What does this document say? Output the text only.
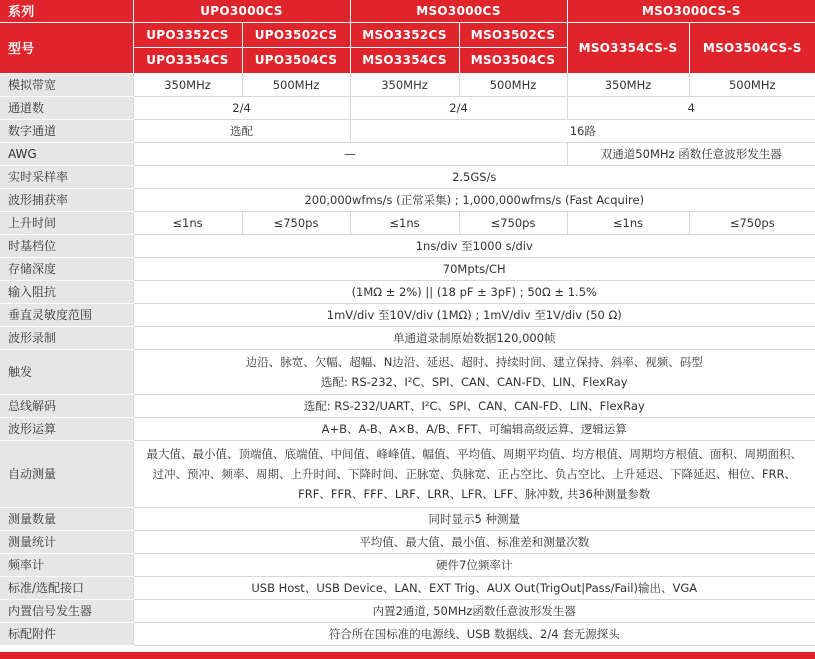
系列	UPO3000CS		MSO3000CS		MSO3000CS-S	
型号	UPO3352CS	UPO3502CS	MSO3352CS	MSO3502CS	MSO3354CS-S	MSO3504CS-S
	UPO3354CS	UPO3504CS	MSO3354CS	MSO3504CS		
模拟带宽	350MHz	500MHz	350MHz	500MHz	350MHz	500MHz
通道数	2/4		2/4		4	
数字通道	选配		16路			
AWG	—				双通道50MHz 函数任意波形发生器	
实时采样率	2.5GS/s					
波形捕获率	200,000wfms/s (正常采集) ; 1,000,000wfms/s (Fast Acquire)					
上升时间	≤1ns	≤750ps	≤1ns	≤750ps	≤1ns	≤750ps
时基档位	1ns/div 至1000 s/div					
存储深度	70Mpts/CH					
输入阻抗	(1MΩ ± 2%) || (18 pF ± 3pF) ; 50Ω ± 1.5%					
垂直灵敏度范围	1mV/div 至10V/div (1MΩ) ; 1mV/div 至1V/div (50 Ω)					
波形录制	单通道录制原始数据120,000帧					
触发	边沿、脉宽、欠幅、超幅、N边沿、延迟、超时、持续时间、建立保持、斜率、视频、码型
选配: RS-232、I²C、SPI、CAN、CAN-FD、LIN、FlexRay					

总线解码	选配: RS-232/UART、I²C、SPI、CAN、CAN-FD、LIN、FlexRay					
波形运算	A+B、A-B、A×B、A/B、FFT、可编辑高级运算、逻辑运算					
自动测量	最大值、最小值、顶端值、底端值、中间值、峰峰值、幅值、平均值、周期平均值、均方根值、周期均方根值、面积、周期面积、
过冲、预冲、频率、周期、上升时间、下降时间、正脉宽、负脉宽、正占空比、负占空比、上升延迟、下降延迟、相位、FRR、
FRF、FFR、FFF、LRF、LRR、LFR、LFF、脉冲数, 共36种测量参数					

测量数量	同时显示5 种测量					
测量统计	平均值、最大值、最小值、标准差和测量次数					
频率计	硬件7位频率计					
标准/选配接口	USB Host、USB Device、LAN、EXT Trig、AUX Out(TrigOut|Pass/Fail)输出、VGA					
内置信号发生器	内置2通道, 50MHz函数任意波形发生器					
标配附件	符合所在国标准的电源线、USB 数据线、2/4 套无源探头					
